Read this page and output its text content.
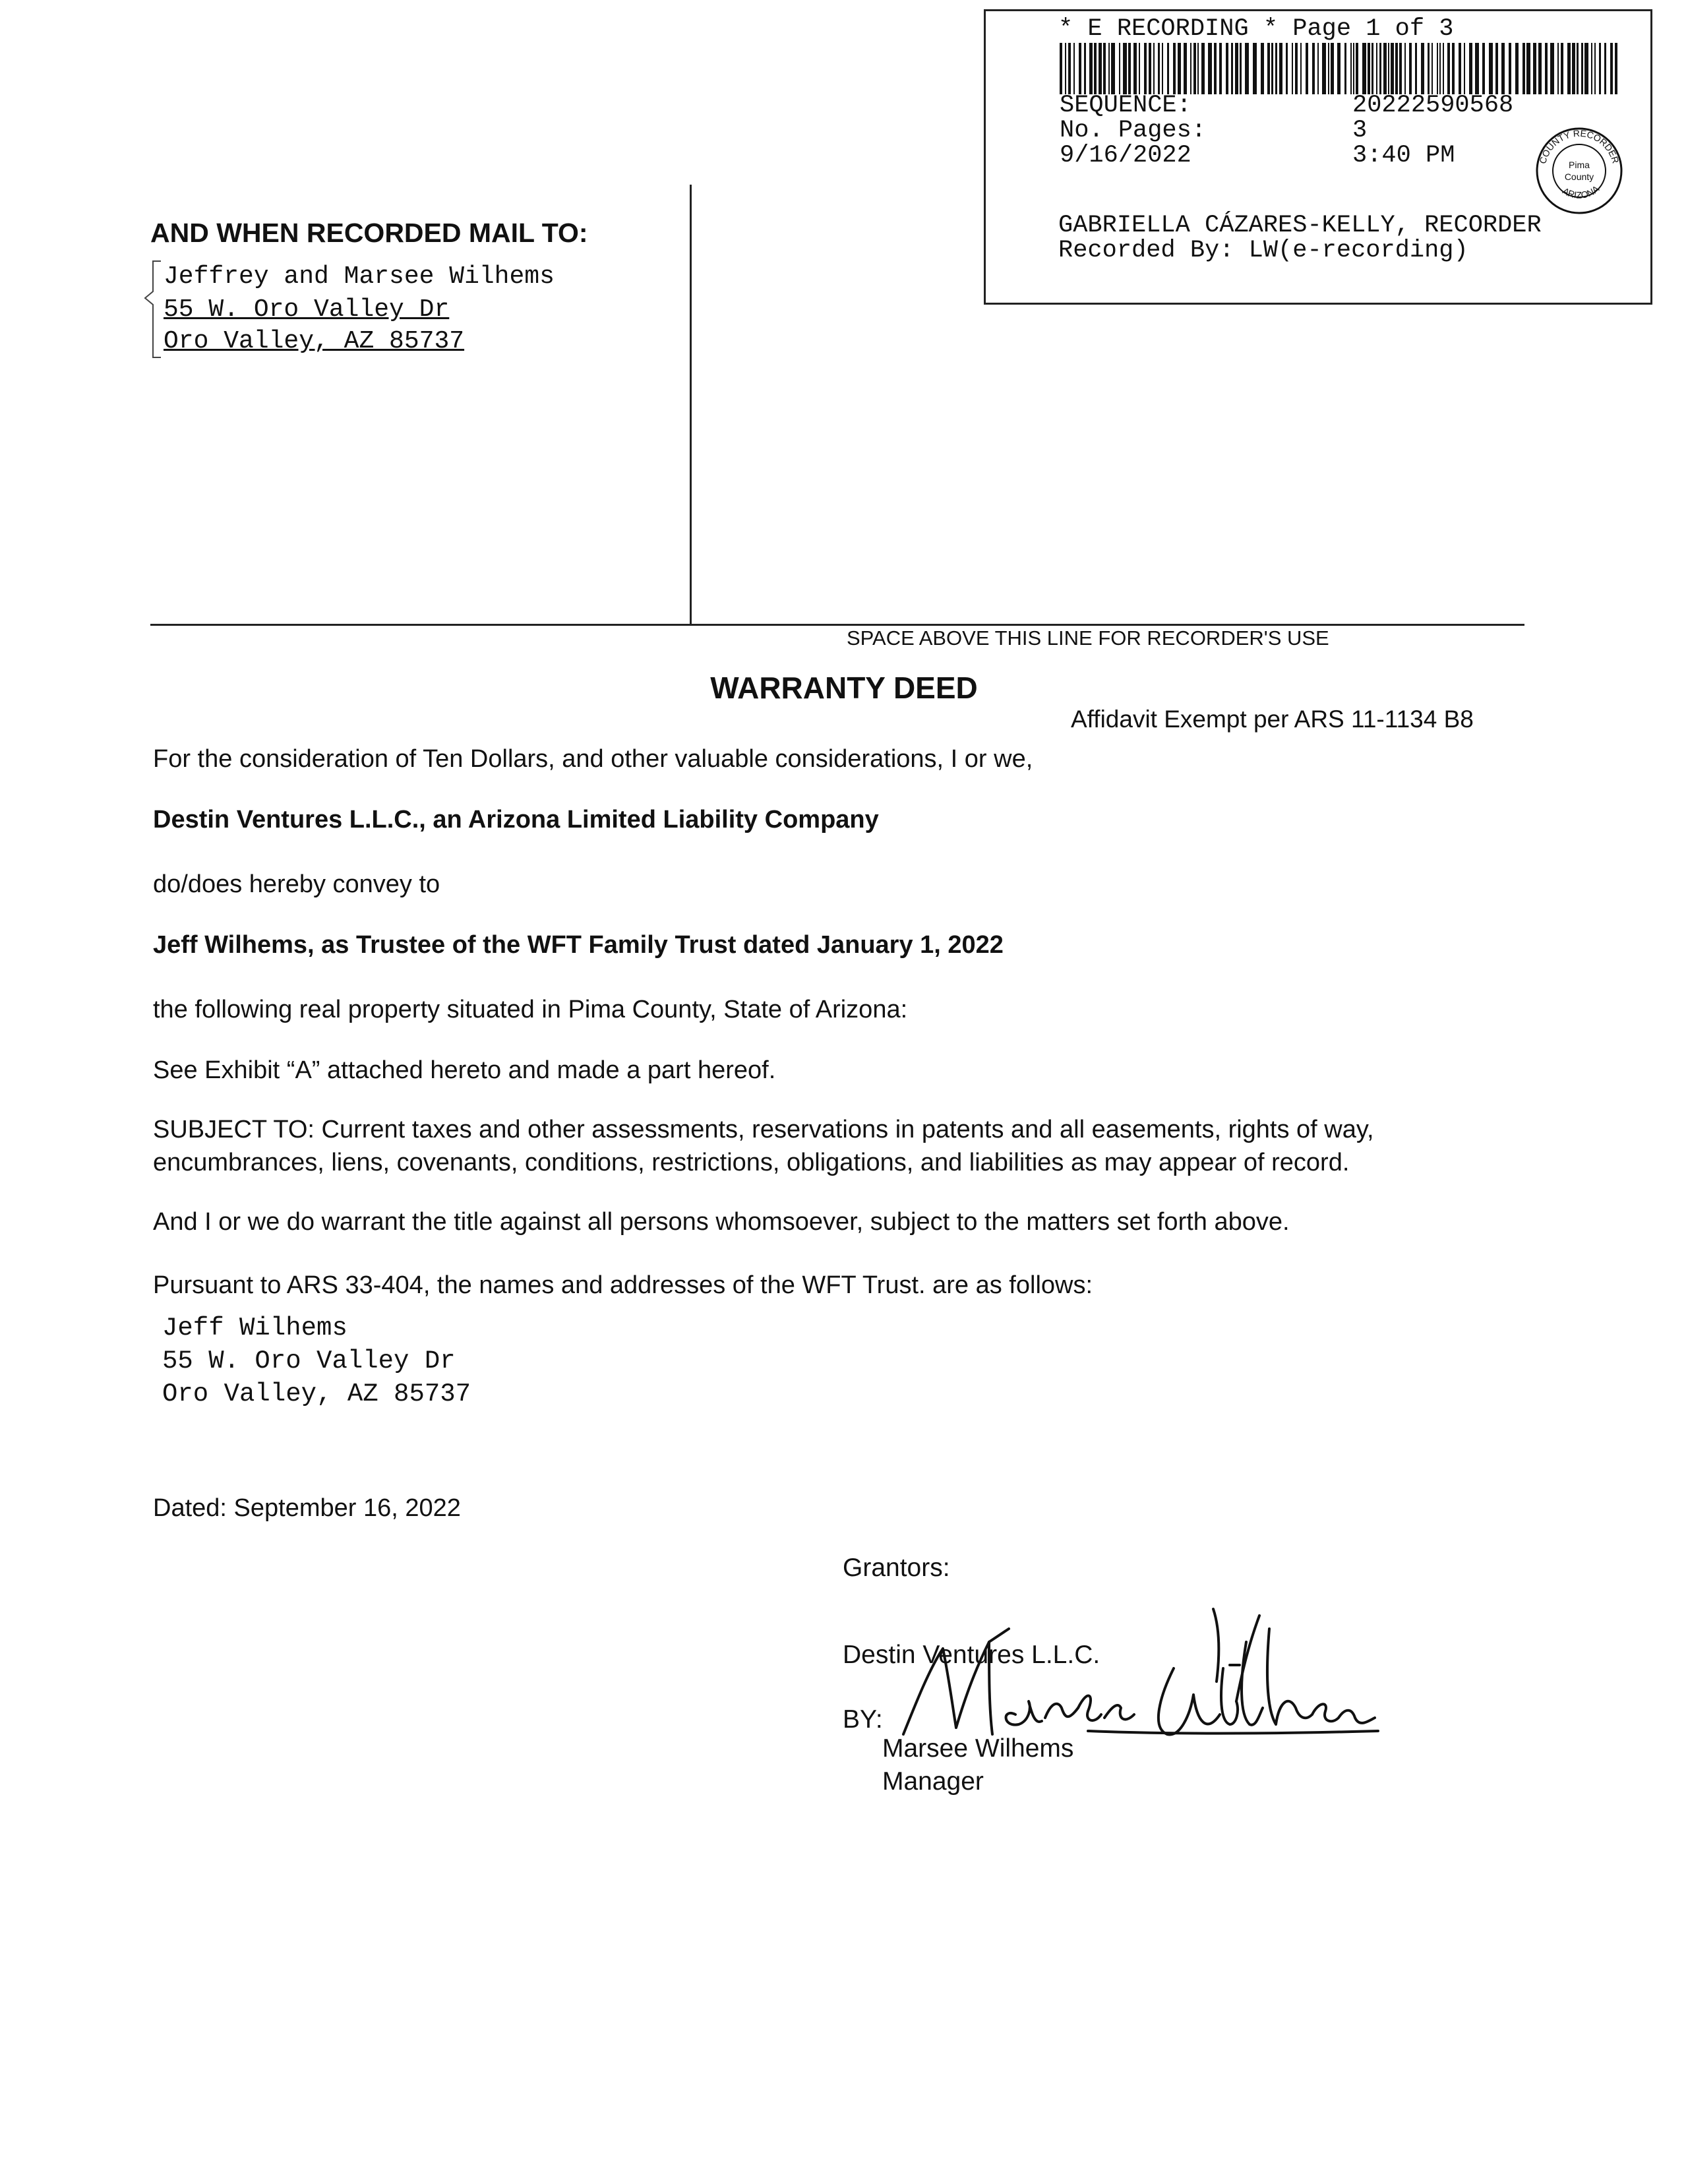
* E RECORDING * Page 1 of 3
SEQUENCE:	20222590568
No. Pages:	3
9/16/2022	3:40 PM	COUNTY RECORDER
ARIZONA
Pima
County
GABRIELLA CÁZARES-KELLY, RECORDER
Recorded By: LW(e-recording)
AND WHEN RECORDED MAIL TO:
Jeffrey and Marsee Wilhems
55 W. Oro Valley Dr
Oro Valley, AZ 85737
SPACE ABOVE THIS LINE FOR RECORDER'S USE
WARRANTY DEED
Affidavit Exempt per ARS 11-1134 B8
For the consideration of Ten Dollars, and other valuable considerations, I or we,
Destin Ventures L.L.C., an Arizona Limited Liability Company
do/does hereby convey to
Jeff Wilhems, as Trustee of the WFT Family Trust dated January 1, 2022
the following real property situated in Pima County, State of Arizona:
See Exhibit “A” attached hereto and made a part hereof.
SUBJECT TO: Current taxes and other assessments, reservations in patents and all easements, rights of way, encumbrances, liens, covenants, conditions, restrictions, obligations, and liabilities as may appear of record.
And I or we do warrant the title against all persons whomsoever, subject to the matters set forth above.
Pursuant to ARS 33-404, the names and addresses of the WFT Trust. are as follows:
Jeff Wilhems
55 W. Oro Valley Dr
Oro Valley, AZ 85737
Dated: September 16, 2022
Grantors:
Destin Ventures L.L.C.
BY:
Marsee Wilhems
Manager
